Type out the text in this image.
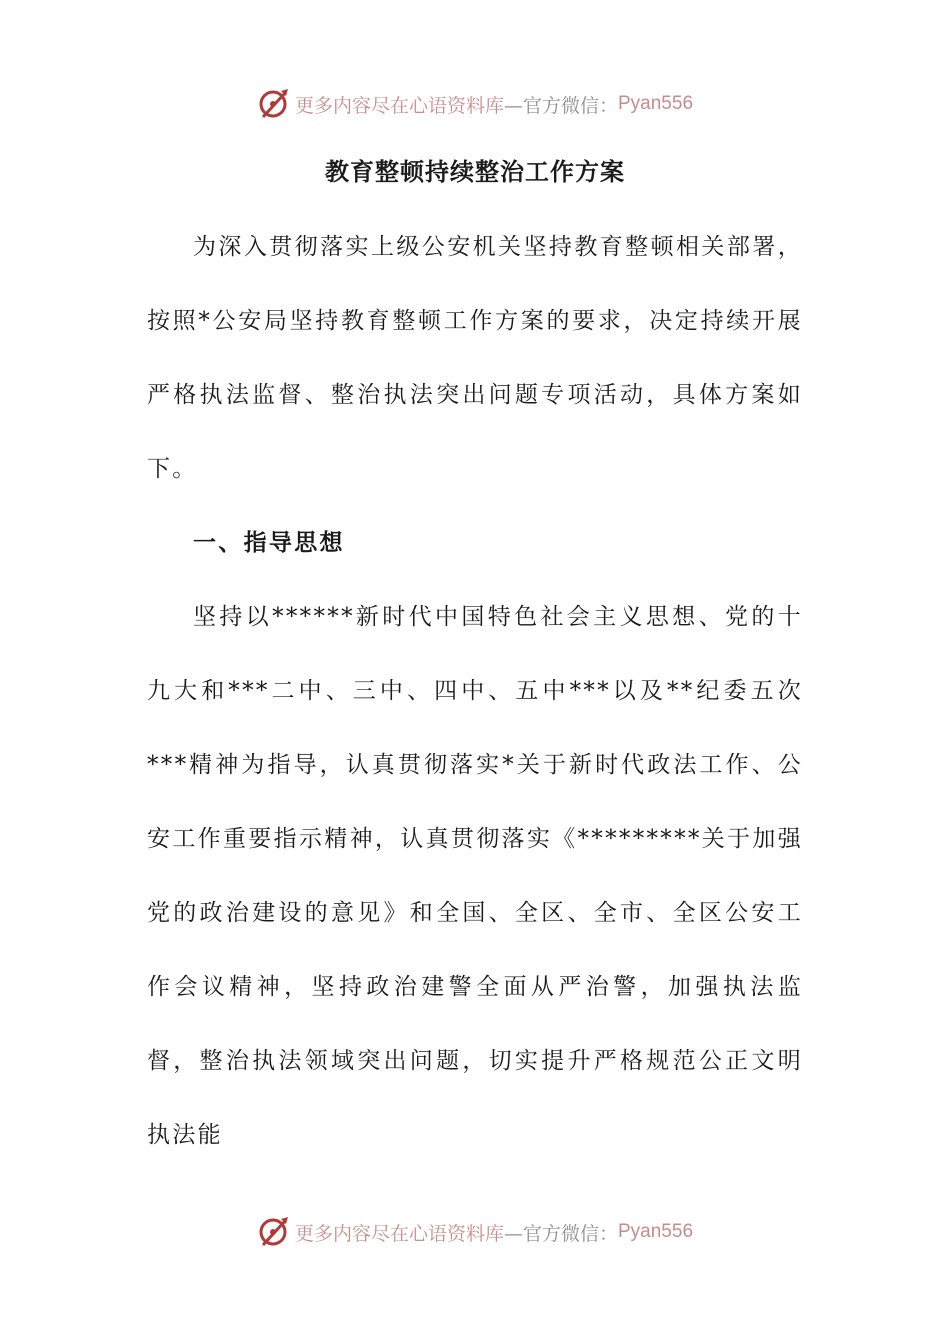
更多内容尽在心语资料库 —官方微信： Pyan556
教育整顿持续整治工作方案

为深入贯彻落实上级公安机关坚持教育整顿相关部署，按照*公安局坚持教育整顿工作方案的要求，决定持续开展严格执法监督、整治执法突出问题专项活动，具体方案如下。

一、指导思想

坚持以******新时代中国特色社会主义思想、党的十九大和***二中、三中、四中、五中***以及**纪委五次***精神为指导，认真贯彻落实*关于新时代政法工作、公安工作重要指示精神，认真贯彻落实《*********关于加强党的政治建设的意见》和全国、全区、全市、全区公安工作会议精神，坚持政治建警全面从严治警，加强执法监督，整治执法领域突出问题，切实提升严格规范公正文明执法能

更多内容尽在心语资料库 —官方微信： Pyan556
